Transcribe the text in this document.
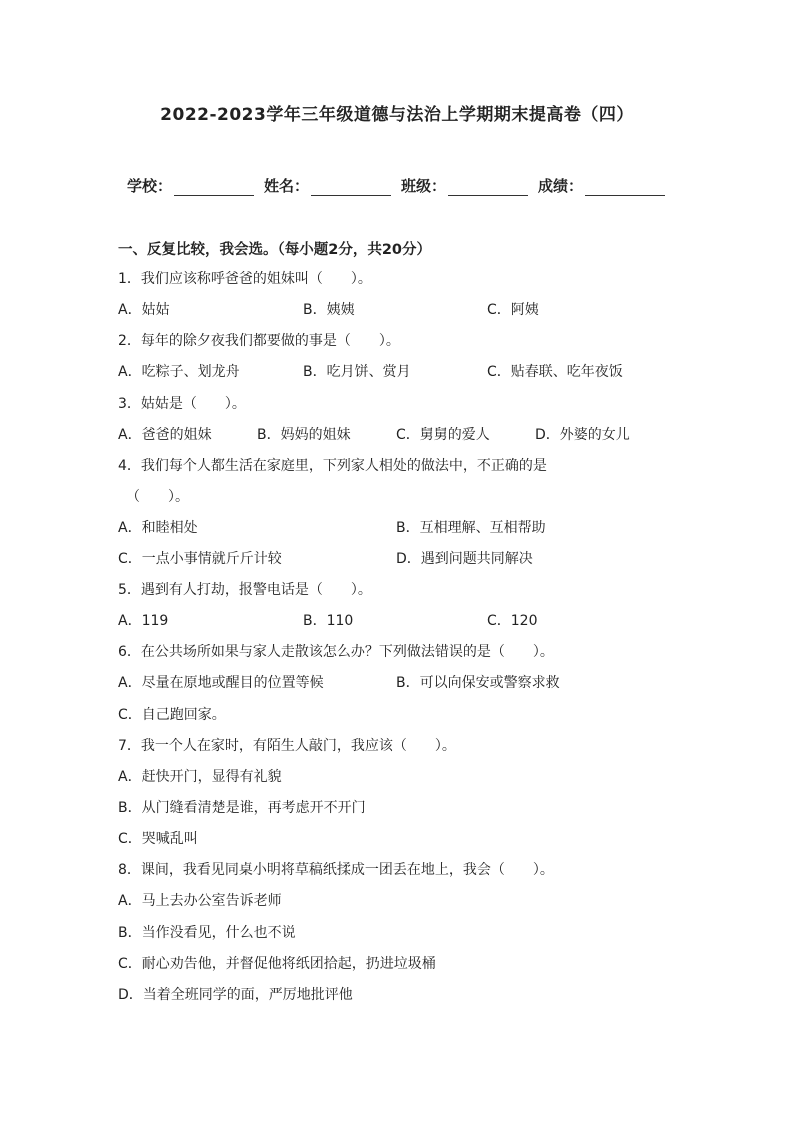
2022-2023学年三年级道德与法治上学期期末提高卷（四）
学校：	姓名：	班级：	成绩：
一、反复比较，我会选。（每小题2分，共20分）
1．我们应该称呼爸爸的姐妹叫（　　）。
A．姑姑	B．姨姨	C．阿姨
2．每年的除夕夜我们都要做的事是（　　）。
A．吃粽子、划龙舟	B．吃月饼、赏月	C．贴春联、吃年夜饭
3．姑姑是（　　）。
A．爸爸的姐妹	B．妈妈的姐妹	C．舅舅的爱人	D．外婆的女儿
4．我们每个人都生活在家庭里，下列家人相处的做法中，不正确的是
（　　）。
A．和睦相处	B．互相理解、互相帮助
C．一点小事情就斤斤计较	D．遇到问题共同解决
5．遇到有人打劫，报警电话是（　　）。
A．119	B．110	C．120
6．在公共场所如果与家人走散该怎么办？下列做法错误的是（　　）。
A．尽量在原地或醒目的位置等候	B．可以向保安或警察求救
C．自己跑回家。
7．我一个人在家时，有陌生人敲门，我应该（　　）。
A．赶快开门，显得有礼貌
B．从门缝看清楚是谁，再考虑开不开门
C．哭喊乱叫
8．课间，我看见同桌小明将草稿纸揉成一团丢在地上，我会（　　）。
A．马上去办公室告诉老师
B．当作没看见，什么也不说
C．耐心劝告他，并督促他将纸团拾起，扔进垃圾桶
D．当着全班同学的面，严厉地批评他
